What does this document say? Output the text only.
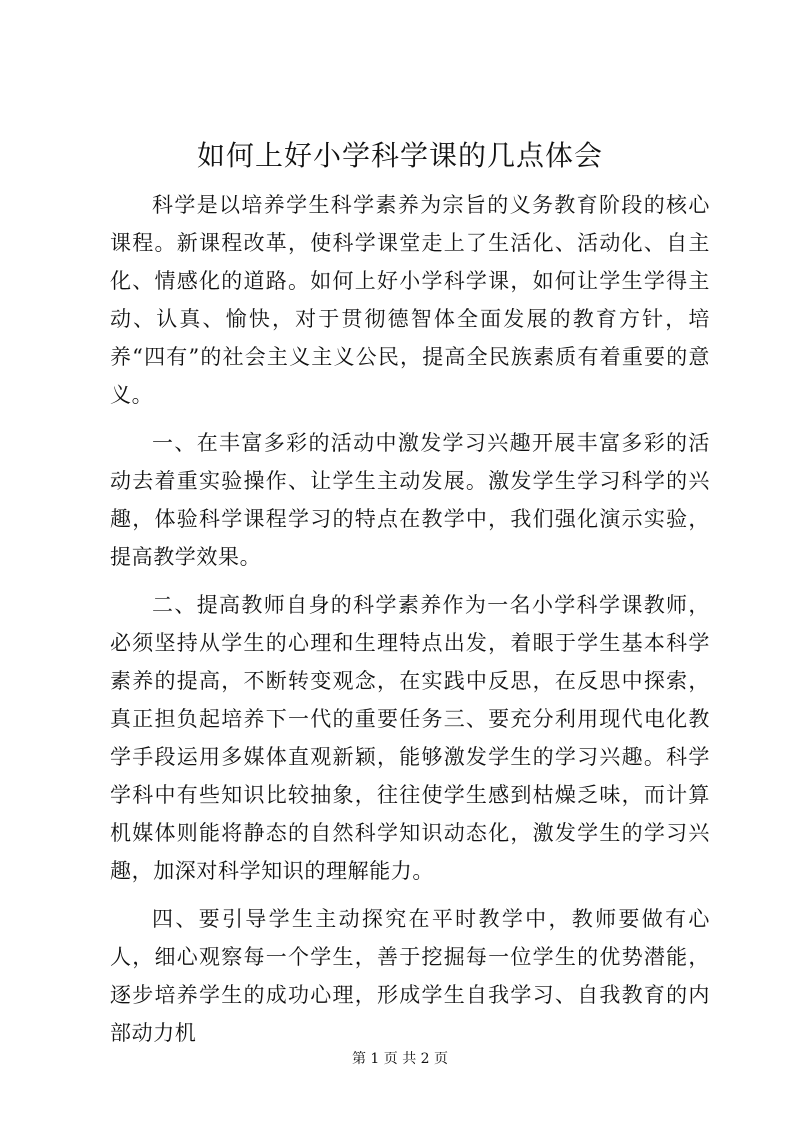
如何上好小学科学课的几点体会

科学是以培养学生科学素养为宗旨的义务教育阶段的核心课程。新课程改革，使科学课堂走上了生活化、活动化、自主化、情感化的道路。如何上好小学科学课，如何让学生学得主动、认真、愉快，对于贯彻德智体全面发展的教育方针，培养“四有”的社会主义主义公民，提高全民族素质有着重要的意义。

一、在丰富多彩的活动中激发学习兴趣开展丰富多彩的活动去着重实验操作、让学生主动发展。激发学生学习科学的兴趣，体验科学课程学习的特点在教学中，我们强化演示实验，提高教学效果。

二、提高教师自身的科学素养作为一名小学科学课教师，必须坚持从学生的心理和生理特点出发，着眼于学生基本科学素养的提高，不断转变观念，在实践中反思，在反思中探索，真正担负起培养下一代的重要任务三、要充分利用现代电化教学手段运用多媒体直观新颖，能够激发学生的学习兴趣。科学学科中有些知识比较抽象，往往使学生感到枯燥乏味，而计算机媒体则能将静态的自然科学知识动态化，激发学生的学习兴趣，加深对科学知识的理解能力。

四、要引导学生主动探究在平时教学中，教师要做有心人，细心观察每一个学生，善于挖掘每一位学生的优势潜能，逐步培养学生的成功心理，形成学生自我学习、自我教育的内部动力机

第 1 页 共 2 页
